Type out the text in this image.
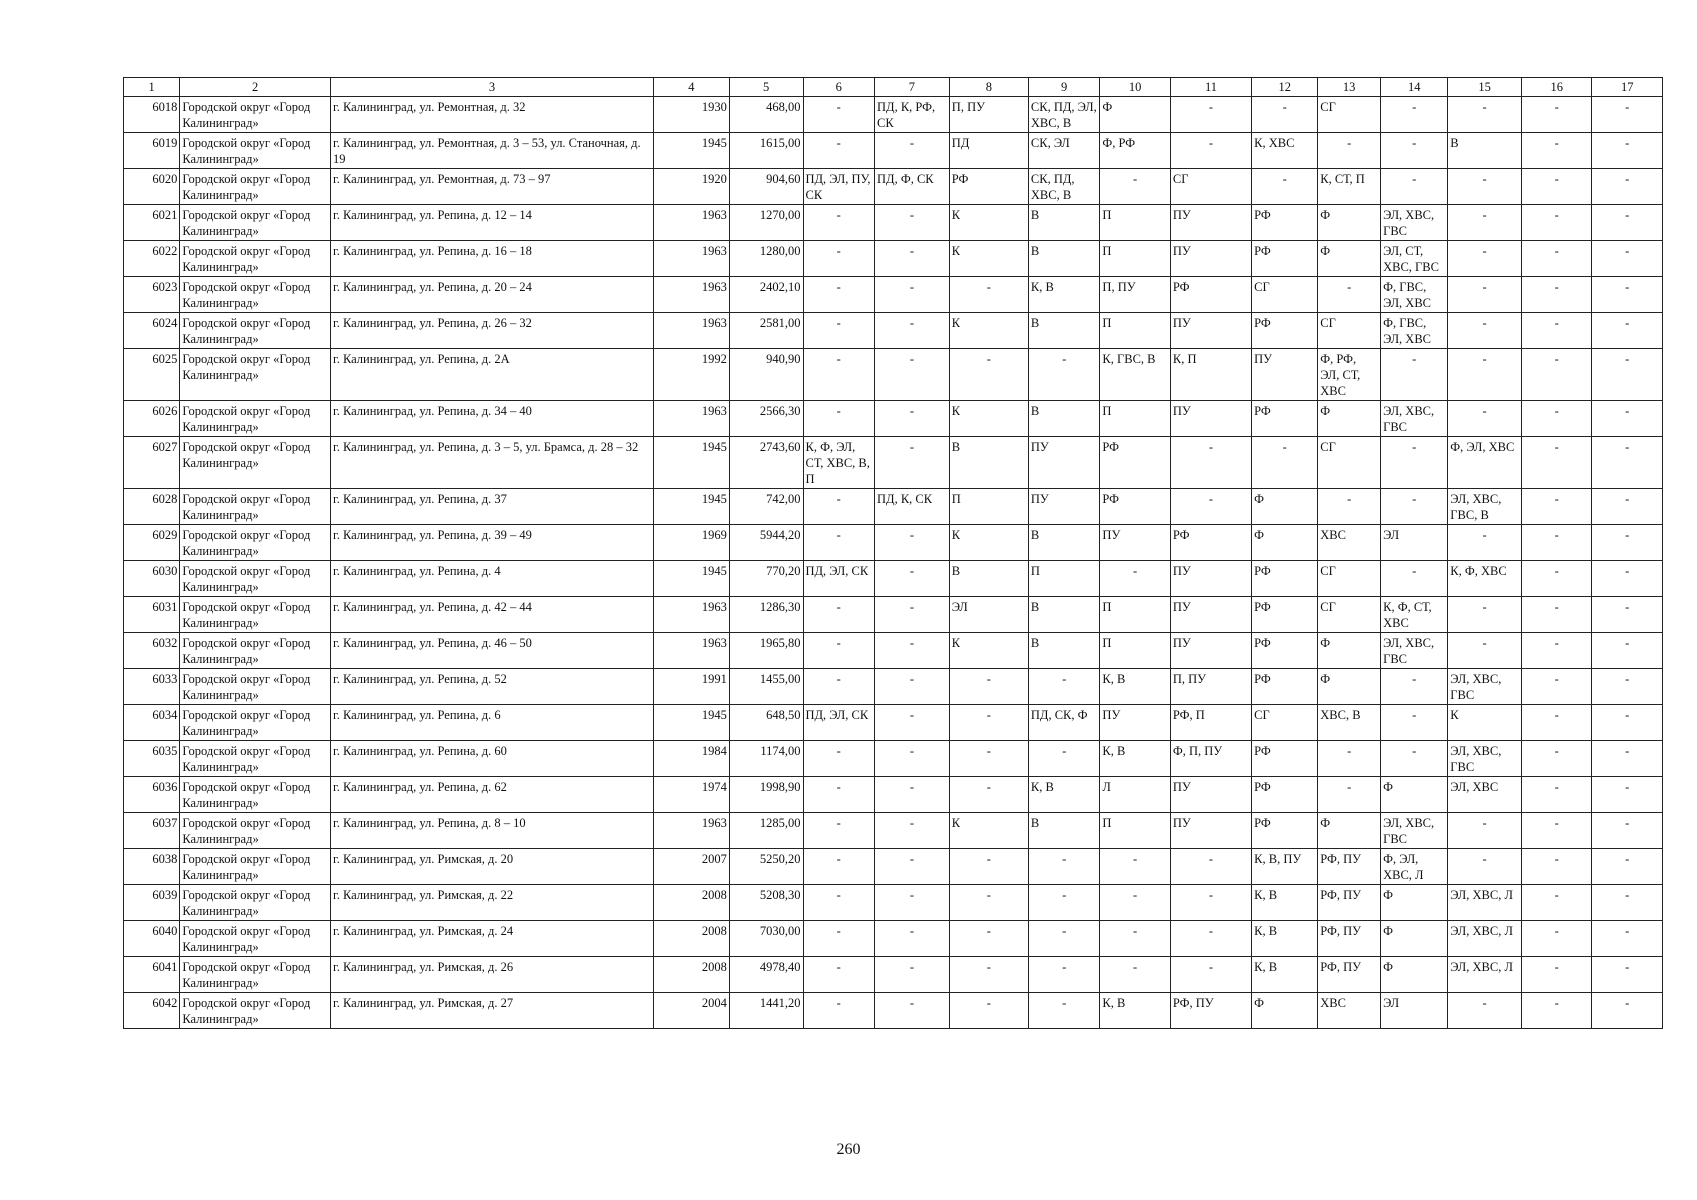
1	2	3	4	5	6	7	8	9	10	11	12	13	14	15	16	17
6018	Городской округ «Город Калининград»	г. Калининград, ул. Ремонтная, д. 32	1930	468,00	-	ПД, К, РФ, СК	П, ПУ	СК, ПД, ЭЛ, ХВС, В	Ф	-	-	СГ	-	-	-	-
6019	Городской округ «Город Калининград»	г. Калининград, ул. Ремонтная, д. 3 – 53, ул. Станочная, д. 19	1945	1615,00	-	-	ПД	СК, ЭЛ	Ф, РФ	-	К, ХВС	-	-	В	-	-
6020	Городской округ «Город Калининград»	г. Калининград, ул. Ремонтная, д. 73 – 97	1920	904,60	ПД, ЭЛ, ПУ, СК	ПД, Ф, СК	РФ	СК, ПД, ХВС, В	-	СГ	-	К, СТ, П	-	-	-	-
6021	Городской округ «Город Калининград»	г. Калининград, ул. Репина, д. 12 – 14	1963	1270,00	-	-	К	В	П	ПУ	РФ	Ф	ЭЛ, ХВС, ГВС	-	-	-
6022	Городской округ «Город Калининград»	г. Калининград, ул. Репина, д. 16 – 18	1963	1280,00	-	-	К	В	П	ПУ	РФ	Ф	ЭЛ, СТ, ХВС, ГВС	-	-	-
6023	Городской округ «Город Калининград»	г. Калининград, ул. Репина, д. 20 – 24	1963	2402,10	-	-	-	К, В	П, ПУ	РФ	СГ	-	Ф, ГВС, ЭЛ, ХВС	-	-	-
6024	Городской округ «Город Калининград»	г. Калининград, ул. Репина, д. 26 – 32	1963	2581,00	-	-	К	В	П	ПУ	РФ	СГ	Ф, ГВС, ЭЛ, ХВС	-	-	-
6025	Городской округ «Город Калининград»	г. Калининград, ул. Репина, д. 2А	1992	940,90	-	-	-	-	К, ГВС, В	К, П	ПУ	Ф, РФ, ЭЛ, СТ, ХВС	-	-	-	-
6026	Городской округ «Город Калининград»	г. Калининград, ул. Репина, д. 34 – 40	1963	2566,30	-	-	К	В	П	ПУ	РФ	Ф	ЭЛ, ХВС, ГВС	-	-	-
6027	Городской округ «Город Калининград»	г. Калининград, ул. Репина, д. 3 – 5, ул. Брамса, д. 28 – 32	1945	2743,60	К, Ф, ЭЛ, СТ, ХВС, В, П	-	В	ПУ	РФ	-	-	СГ	-	Ф, ЭЛ, ХВС	-	-
6028	Городской округ «Город Калининград»	г. Калининград, ул. Репина, д. 37	1945	742,00	-	ПД, К, СК	П	ПУ	РФ	-	Ф	-	-	ЭЛ, ХВС, ГВС, В	-	-
6029	Городской округ «Город Калининград»	г. Калининград, ул. Репина, д. 39 – 49	1969	5944,20	-	-	К	В	ПУ	РФ	Ф	ХВС	ЭЛ	-	-	-
6030	Городской округ «Город Калининград»	г. Калининград, ул. Репина, д. 4	1945	770,20	ПД, ЭЛ, СК	-	В	П	-	ПУ	РФ	СГ	-	К, Ф, ХВС	-	-
6031	Городской округ «Город Калининград»	г. Калининград, ул. Репина, д. 42 – 44	1963	1286,30	-	-	ЭЛ	В	П	ПУ	РФ	СГ	К, Ф, СТ, ХВС	-	-	-
6032	Городской округ «Город Калининград»	г. Калининград, ул. Репина, д. 46 – 50	1963	1965,80	-	-	К	В	П	ПУ	РФ	Ф	ЭЛ, ХВС, ГВС	-	-	-
6033	Городской округ «Город Калининград»	г. Калининград, ул. Репина, д. 52	1991	1455,00	-	-	-	-	К, В	П, ПУ	РФ	Ф	-	ЭЛ, ХВС, ГВС	-	-
6034	Городской округ «Город Калининград»	г. Калининград, ул. Репина, д. 6	1945	648,50	ПД, ЭЛ, СК	-	-	ПД, СК, Ф	ПУ	РФ, П	СГ	ХВС, В	-	К	-	-
6035	Городской округ «Город Калининград»	г. Калининград, ул. Репина, д. 60	1984	1174,00	-	-	-	-	К, В	Ф, П, ПУ	РФ	-	-	ЭЛ, ХВС, ГВС	-	-
6036	Городской округ «Город Калининград»	г. Калининград, ул. Репина, д. 62	1974	1998,90	-	-	-	К, В	Л	ПУ	РФ	-	Ф	ЭЛ, ХВС	-	-
6037	Городской округ «Город Калининград»	г. Калининград, ул. Репина, д. 8 – 10	1963	1285,00	-	-	К	В	П	ПУ	РФ	Ф	ЭЛ, ХВС, ГВС	-	-	-
6038	Городской округ «Город Калининград»	г. Калининград, ул. Римская, д. 20	2007	5250,20	-	-	-	-	-	-	К, В, ПУ	РФ, ПУ	Ф, ЭЛ, ХВС, Л	-	-	-
6039	Городской округ «Город Калининград»	г. Калининград, ул. Римская, д. 22	2008	5208,30	-	-	-	-	-	-	К, В	РФ, ПУ	Ф	ЭЛ, ХВС, Л	-	-
6040	Городской округ «Город Калининград»	г. Калининград, ул. Римская, д. 24	2008	7030,00	-	-	-	-	-	-	К, В	РФ, ПУ	Ф	ЭЛ, ХВС, Л	-	-
6041	Городской округ «Город Калининград»	г. Калининград, ул. Римская, д. 26	2008	4978,40	-	-	-	-	-	-	К, В	РФ, ПУ	Ф	ЭЛ, ХВС, Л	-	-
6042	Городской округ «Город Калининград»	г. Калининград, ул. Римская, д. 27	2004	1441,20	-	-	-	-	К, В	РФ, ПУ	Ф	ХВС	ЭЛ	-	-	-
260
